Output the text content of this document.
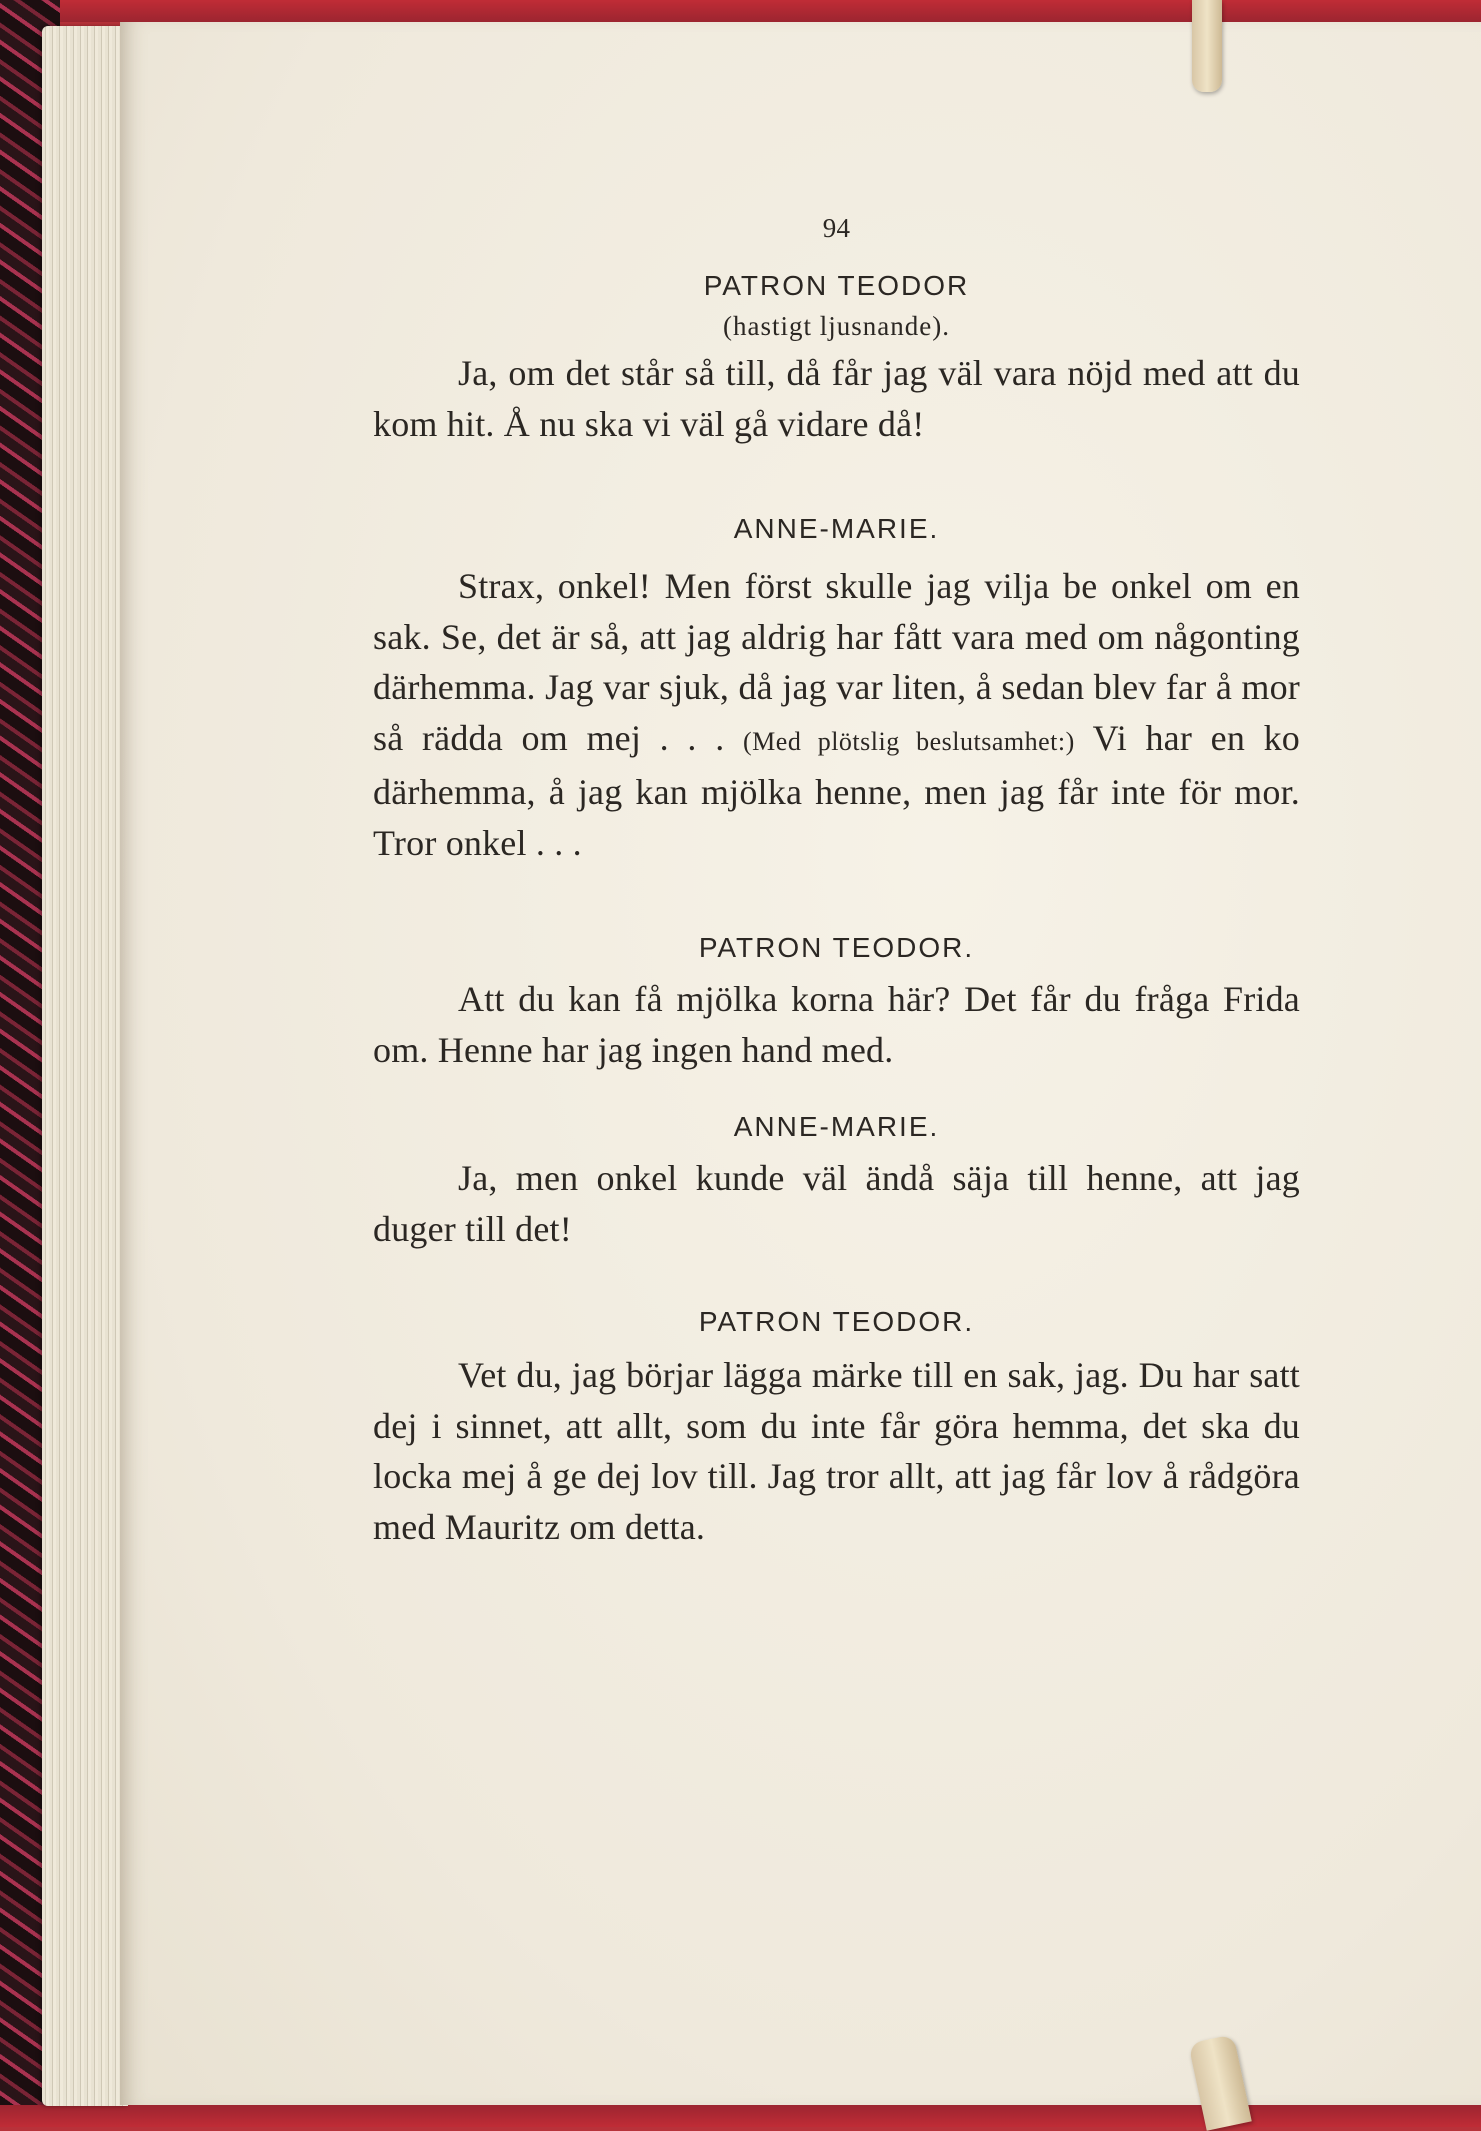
94
PATRON TEODOR
(hastigt ljusnande).

Ja, om det står så till, då får jag väl vara nöjd med att du kom hit. Å nu ska vi väl gå vidare då!

ANNE-MARIE.

Strax, onkel! Men först skulle jag vilja be onkel om en sak. Se, det är så, att jag aldrig har fått vara med om någonting därhemma. Jag var sjuk, då jag var liten, å sedan blev far å mor så rädda om mej . . . (Med plötslig beslutsamhet:) Vi har en ko därhemma, å jag kan mjölka henne, men jag får inte för mor. Tror onkel . . .

PATRON TEODOR.

Att du kan få mjölka korna här? Det får du fråga Frida om. Henne har jag ingen hand med.

ANNE-MARIE.

Ja, men onkel kunde väl ändå säja till henne, att jag duger till det!

PATRON TEODOR.

Vet du, jag börjar lägga märke till en sak, jag. Du har satt dej i sinnet, att allt, som du inte får göra hemma, det ska du locka mej å ge dej lov till. Jag tror allt, att jag får lov å rådgöra med Mauritz om detta.
